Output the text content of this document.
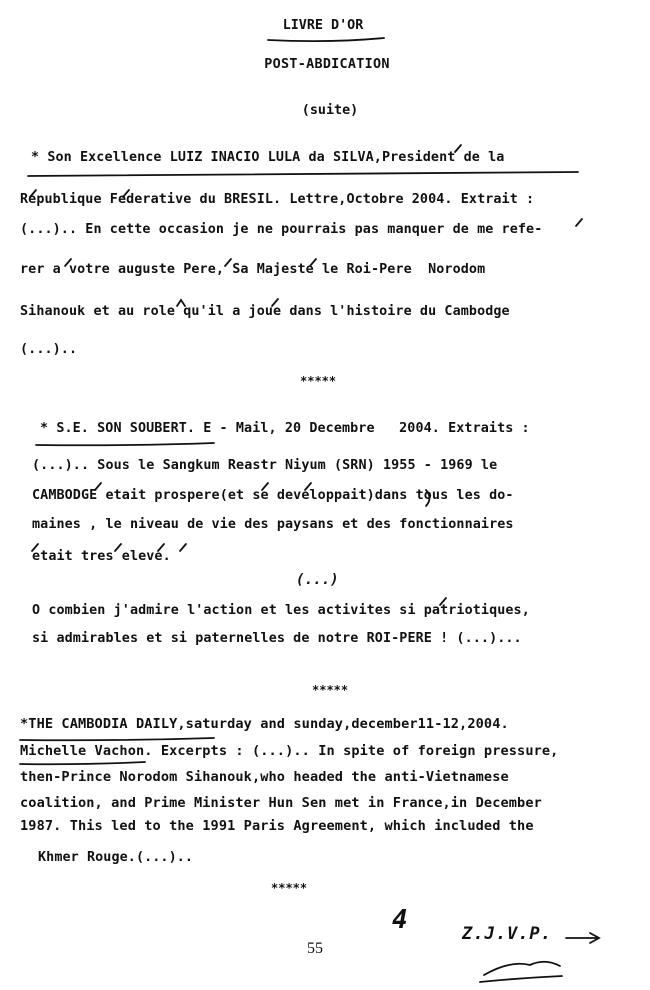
LIVRE D'OR
POST-ABDICATION
(suite)
* Son Excellence LUIZ INACIO LULA da SILVA,President de la
Republique Federative du BRESIL. Lettre,Octobre 2004. Extrait :
(...).. En cette occasion je ne pourrais pas manquer de me refe-
rer a votre auguste Pere, Sa Majeste le Roi-Pere  Norodom
Sihanouk et au role qu'il a joue dans l'histoire du Cambodge
(...)..
*****
* S.E. SON SOUBERT. E - Mail, 20 Decembre   2004. Extraits :
(...).. Sous le Sangkum Reastr Niyum (SRN) 1955 - 1969 le
CAMBODGE etait prospere(et se developpait)dans tous les do-
maines , le niveau de vie des paysans et des fonctionnaires
etait tres eleve.
(...)
O combien j'admire l'action et les activites si patriotiques,
si admirables et si paternelles de notre ROI-PERE ! (...)...
*****
*THE CAMBODIA DAILY,saturday and sunday,december11-12,2004.
Michelle Vachon. Excerpts : (...).. In spite of foreign pressure,
then-Prince Norodom Sihanouk,who headed the anti-Vietnamese
coalition, and Prime Minister Hun Sen met in France,in December
1987. This led to the 1991 Paris Agreement, which included the
Khmer Rouge.(...)..
*****
55
4	Z.J.V.P.
